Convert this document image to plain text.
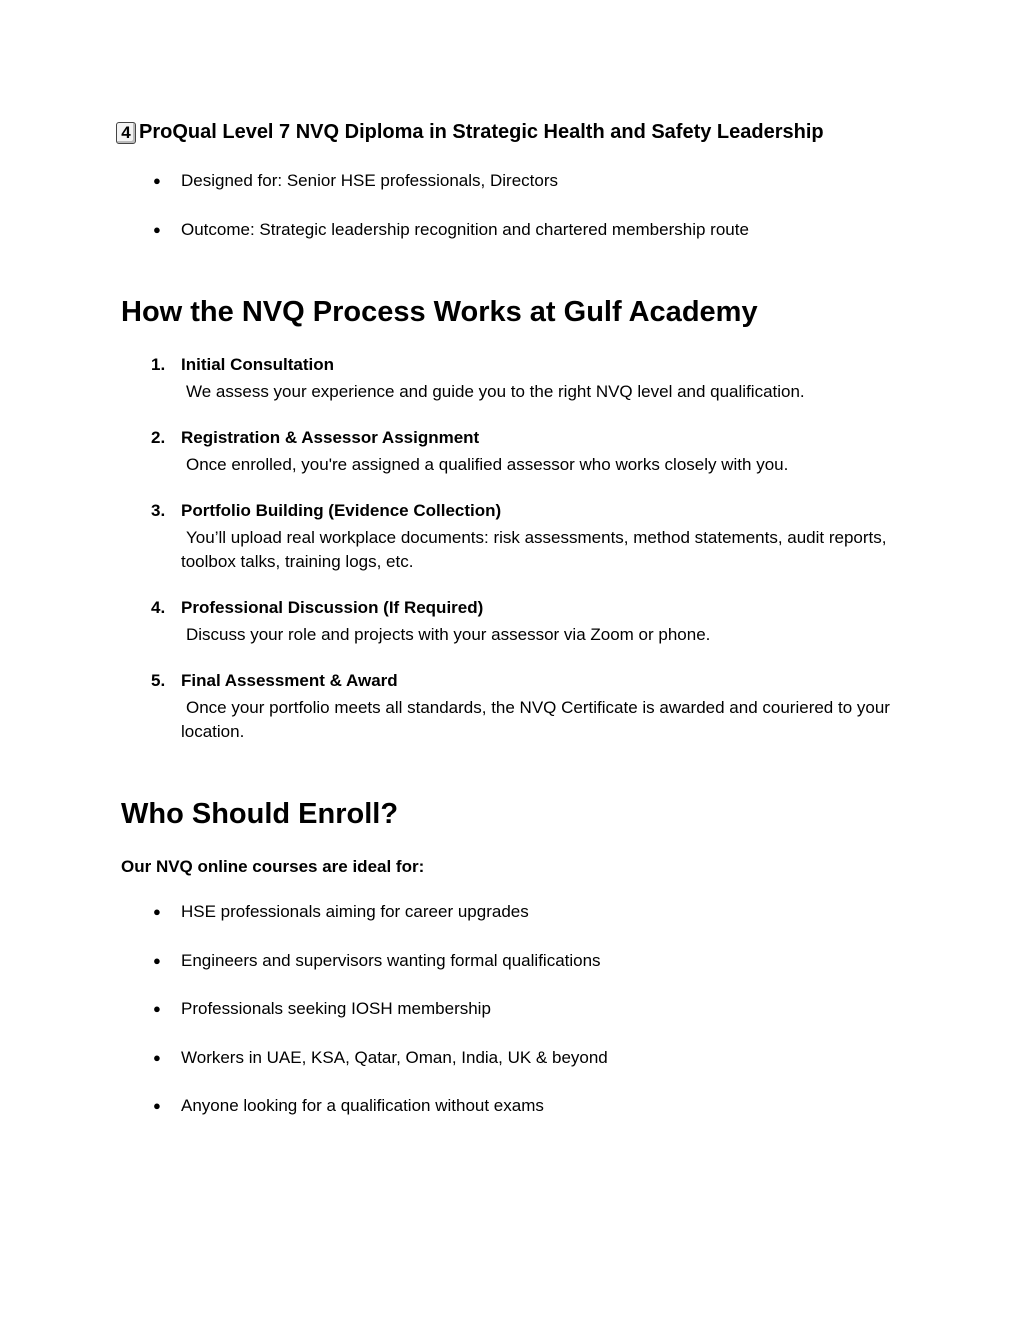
4 ProQual Level 7 NVQ Diploma in Strategic Health and Safety Leadership
● Designed for: Senior HSE professionals, Directors
● Outcome: Strategic leadership recognition and chartered membership route
How the NVQ Process Works at Gulf Academy
1. Initial Consultation
We assess your experience and guide you to the right NVQ level and qualification.
2. Registration & Assessor Assignment
Once enrolled, you're assigned a qualified assessor who works closely with you.
3. Portfolio Building (Evidence Collection)
You’ll upload real workplace documents: risk assessments, method statements, audit reports, toolbox talks, training logs, etc.
4. Professional Discussion (If Required)
Discuss your role and projects with your assessor via Zoom or phone.
5. Final Assessment & Award
Once your portfolio meets all standards, the NVQ Certificate is awarded and couriered to your location.
Who Should Enroll?
Our NVQ online courses are ideal for:
● HSE professionals aiming for career upgrades
● Engineers and supervisors wanting formal qualifications
● Professionals seeking IOSH membership
● Workers in UAE, KSA, Qatar, Oman, India, UK & beyond
● Anyone looking for a qualification without exams
